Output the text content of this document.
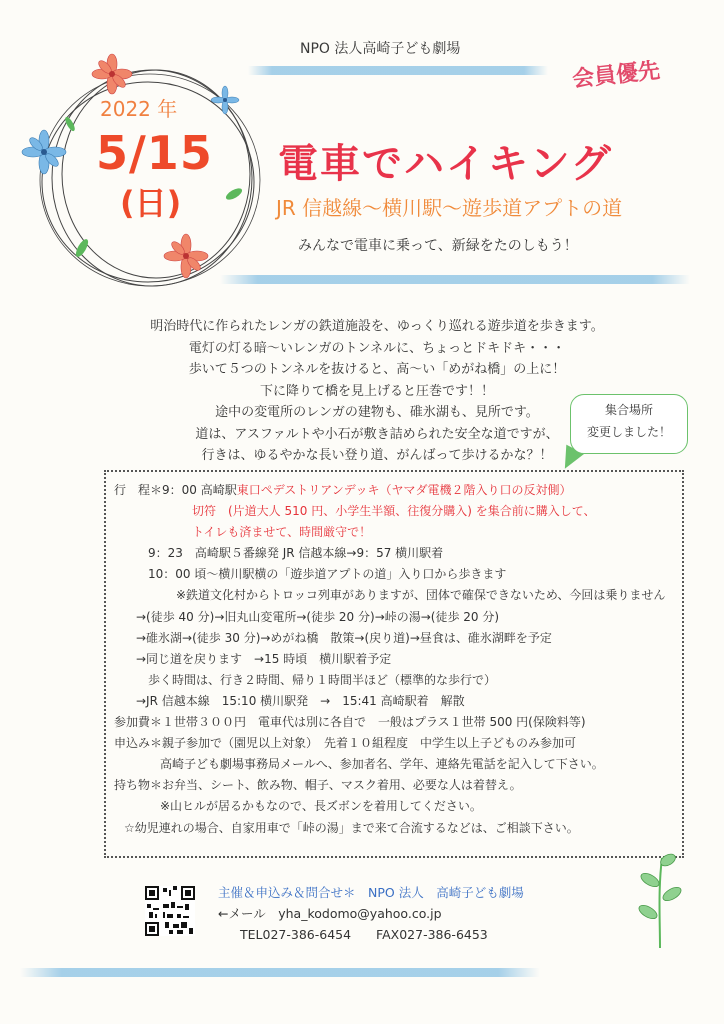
NPO 法人高崎子ども劇場
会員優先
2022 年
5/15
(日)
電車でハイキング
JR 信越線～横川駅～遊歩道アプトの道
みんなで電車に乗って、新緑をたのしもう！
明治時代に作られたレンガの鉄道施設を、ゆっくり巡れる遊歩道を歩きます。
電灯の灯る暗～いレンガのトンネルに、ちょっとドキドキ・・・
歩いて５つのトンネルを抜けると、高～い「めがね橋」の上に！
下に降りて橋を見上げると圧巻です！！
途中の変電所のレンガの建物も、碓氷湖も、見所です。
道は、アスファルトや小石が敷き詰められた安全な道ですが、
行きは、ゆるやかな長い登り道、がんばって歩けるかな？！
集合場所
変更しました！
行　程＊9：00 高崎駅東口ペデストリアンデッキ（ヤマダ電機２階入り口の反対側）
切符　(片道大人 510 円、小学生半額、往復分購入) を集合前に購入して、
トイレも済ませて、時間厳守で！
9：23　高崎駅５番線発 JR 信越本線→9：57 横川駅着
10：00 頃～横川駅横の「遊歩道アプトの道」入り口から歩きます
※鉄道文化村からトロッコ列車がありますが、団体で確保できないため、今回は乗りません
→(徒歩 40 分)→旧丸山変電所→(徒歩 20 分)→峠の湯→(徒歩 20 分)
→碓氷湖→(徒歩 30 分)→めがね橋　散策→(戻り道)→昼食は、碓氷湖畔を予定
→同じ道を戻ります　→15 時頃　横川駅着予定
歩く時間は、行き２時間、帰り１時間半ほど（標準的な歩行で）
→JR 信越本線　15:10 横川駅発　→　15:41 高崎駅着　解散
参加費＊１世帯３００円　電車代は別に各自で　一般はプラス１世帯 500 円(保険料等)
申込み＊親子参加で（園児以上対象）　先着１０組程度　中学生以上子どものみ参加可
高崎子ども劇場事務局メールへ、参加者名、学年、連絡先電話を記入して下さい。
持ち物＊お弁当、シート、飲み物、帽子、マスク着用、必要な人は着替え。
※山ヒルが居るかもなので、長ズボンを着用してください。
☆幼児連れの場合、自家用車で「峠の湯」まで来て合流するなどは、ご相談下さい。
主催＆申込み＆問合せ＊　NPO 法人　高崎子ども劇場
←メール　yha_kodomo@yahoo.co.jp
TEL027-386-6454　　FAX027-386-6453
